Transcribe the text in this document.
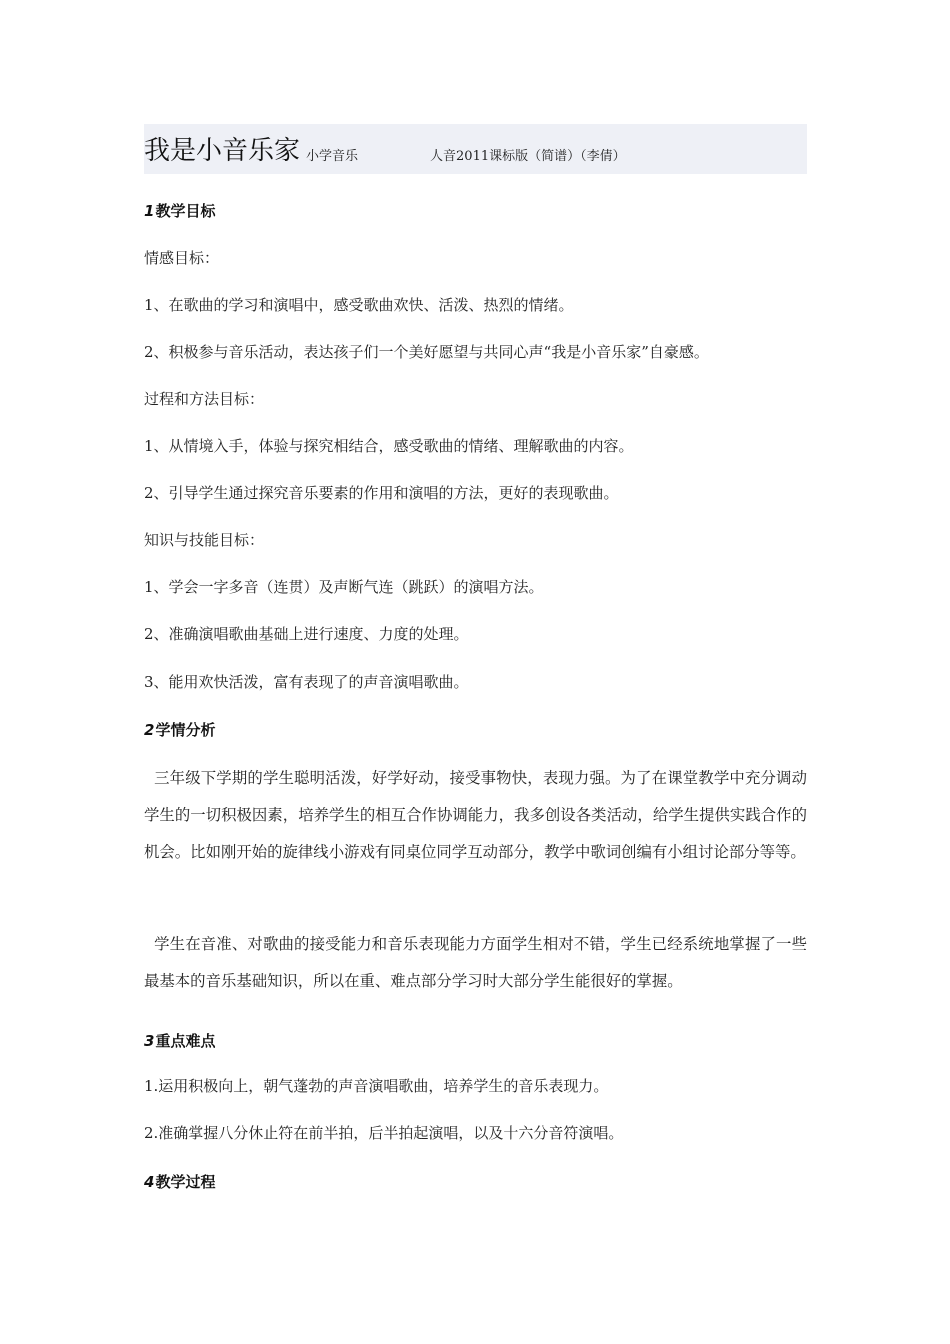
我是小音乐家 小学音乐	人音2011课标版（简谱）（李倩）
1教学目标
情感目标：
1、在歌曲的学习和演唱中，感受歌曲欢快、活泼、热烈的情绪。
2、积极参与音乐活动，表达孩子们一个美好愿望与共同心声“我是小音乐家”自豪感。
过程和方法目标：
1、从情境入手，体验与探究相结合，感受歌曲的情绪、理解歌曲的内容。
2、引导学生通过探究音乐要素的作用和演唱的方法，更好的表现歌曲。
知识与技能目标：
1、学会一字多音（连贯）及声断气连（跳跃）的演唱方法。
2、准确演唱歌曲基础上进行速度、力度的处理。
3、能用欢快活泼，富有表现了的声音演唱歌曲。
2学情分析
三年级下学期的学生聪明活泼，好学好动，接受事物快，表现力强。为了在课堂教学中充分调动学生的一切积极因素，培养学生的相互合作协调能力，我多创设各类活动，给学生提供实践合作的机会。比如刚开始的旋律线小游戏有同桌位同学互动部分，教学中歌词创编有小组讨论部分等等。
学生在音准、对歌曲的接受能力和音乐表现能力方面学生相对不错，学生已经系统地掌握了一些最基本的音乐基础知识，所以在重、难点部分学习时大部分学生能很好的掌握。
3重点难点
1.运用积极向上，朝气蓬勃的声音演唱歌曲，培养学生的音乐表现力。
2.准确掌握八分休止符在前半拍，后半拍起演唱，以及十六分音符演唱。
4教学过程
